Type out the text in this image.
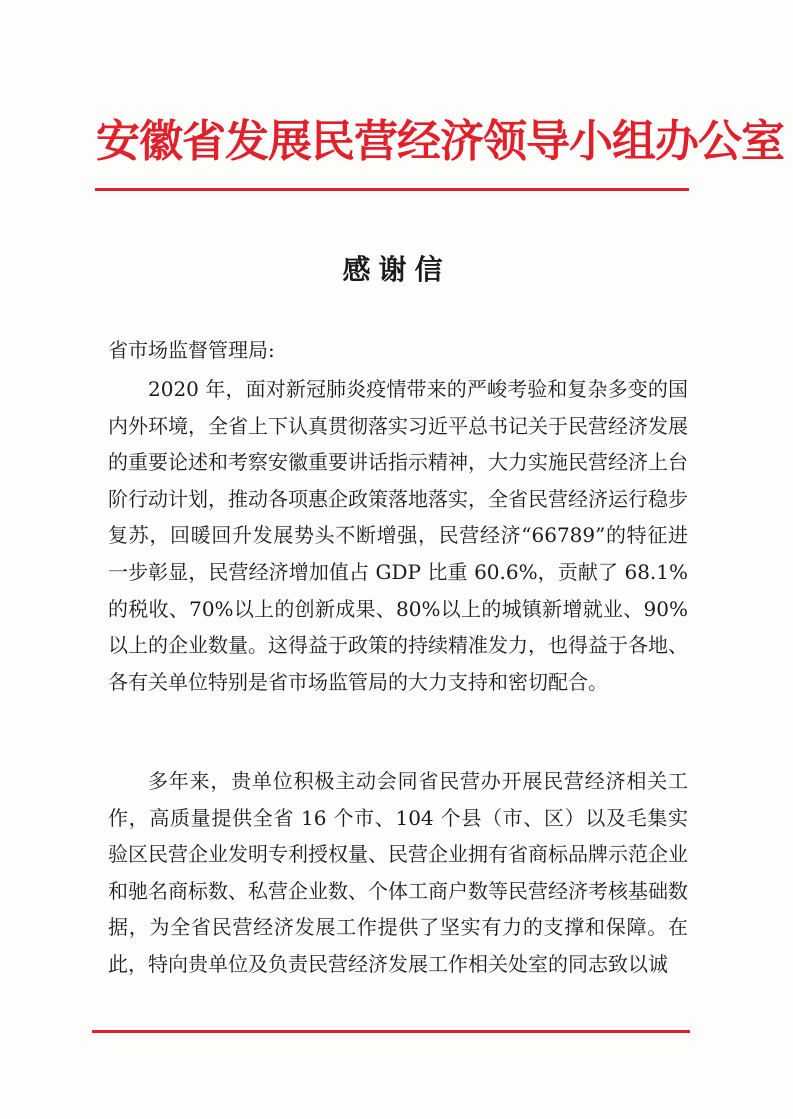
安徽省发展民营经济领导小组办公室
感谢信
省市场监督管理局:

2020 年，面对新冠肺炎疫情带来的严峻考验和复杂多变的国内外环境，全省上下认真贯彻落实习近平总书记关于民营经济发展的重要论述和考察安徽重要讲话指示精神，大力实施民营经济上台阶行动计划，推动各项惠企政策落地落实，全省民营经济运行稳步复苏，回暖回升发展势头不断增强，民营经济“66789”的特征进一步彰显，民营经济增加值占 GDP 比重 60.6%，贡献了 68.1%的税收、70%以上的创新成果、80%以上的城镇新增就业、90%以上的企业数量。这得益于政策的持续精准发力，也得益于各地、各有关单位特别是省市场监管局的大力支持和密切配合。

多年来，贵单位积极主动会同省民营办开展民营经济相关工作，高质量提供全省 16 个市、104 个县（市、区）以及毛集实验区民营企业发明专利授权量、民营企业拥有省商标品牌示范企业和驰名商标数、私营企业数、个体工商户数等民营经济考核基础数据，为全省民营经济发展工作提供了坚实有力的支撑和保障。在此，特向贵单位及负责民营经济发展工作相关处室的同志致以诚
